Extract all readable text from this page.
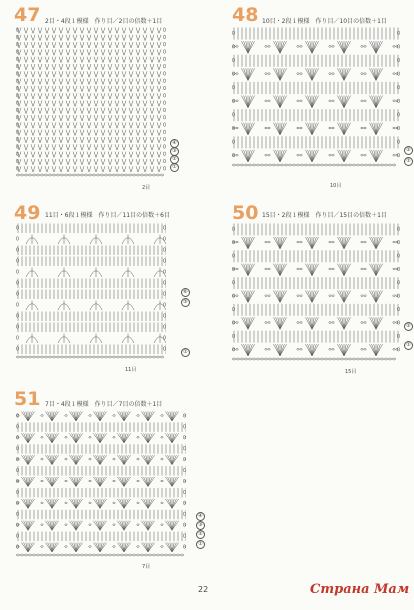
47 2目・4段１模様　作り目／2目の倍数＋1目
④
③
②
①
2目
48 10目・2段１模様　作り目／10目の倍数＋1目
②
①
10目
49 11目・6段１模様　作り目／11目の倍数＋6目
⑥
⑤
①
11目
50 15目・2段１模様　作り目／15目の倍数＋1目
②
①
15目
51 7目・4段１模様　作り目／7目の倍数＋1目
④
③
②
①
7目
22	Страна Мам
